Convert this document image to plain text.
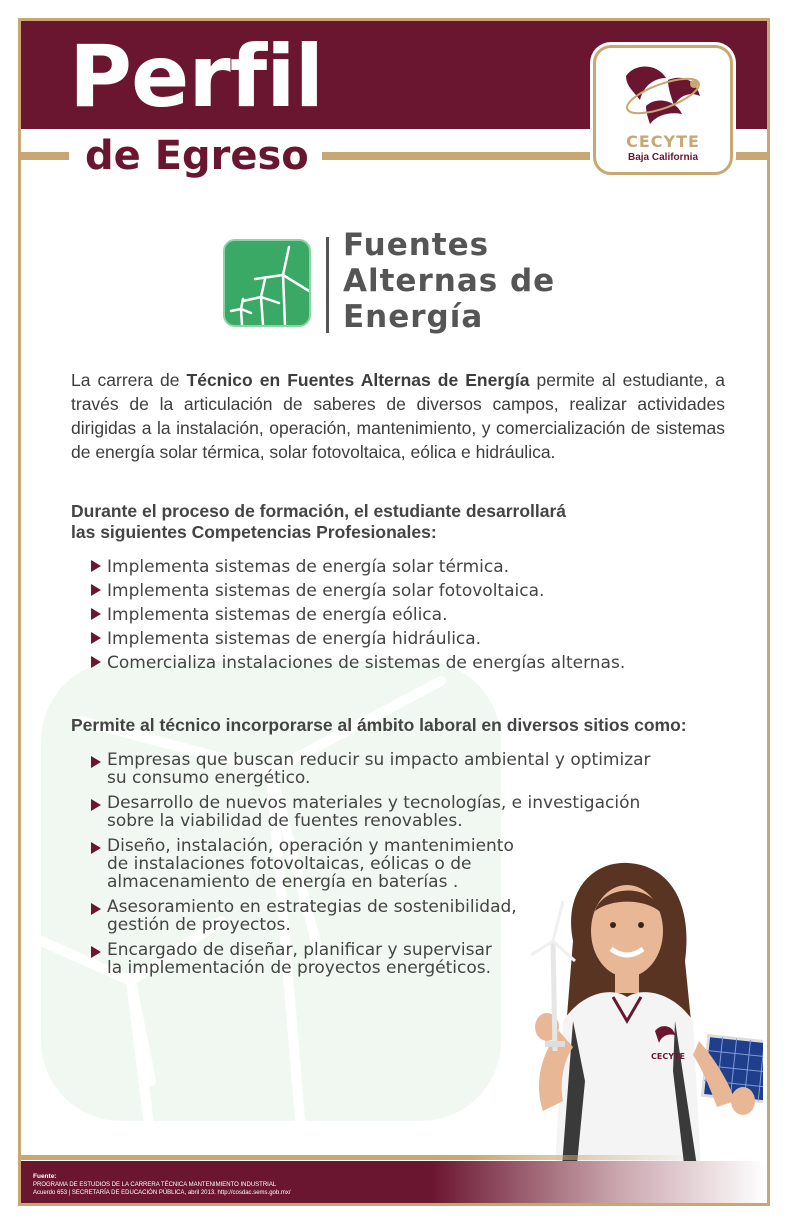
Perfil
de Egreso	CECYTE
Baja California
Fuentes
Alternas de
Energía
La carrera de Técnico en Fuentes Alternas de Energía permite al estudiante, a través de la articulación de saberes de diversos campos, realizar actividades dirigidas a la instalación, operación, mantenimiento, y comercialización de sistemas de energía solar térmica, solar fotovoltaica, eólica e hidráulica.
Durante el proceso de formación, el estudiante desarrollará
las siguientes Competencias Profesionales:
Implementa sistemas de energía solar térmica.
Implementa sistemas de energía solar fotovoltaica.
Implementa sistemas de energía eólica.
Implementa sistemas de energía hidráulica.
Comercializa instalaciones de sistemas de energías alternas.
Permite al técnico incorporarse al ámbito laboral en diversos sitios como:
Empresas que buscan reducir su impacto ambiental y optimizar
su consumo energético.
Desarrollo de nuevos materiales y tecnologías, e investigación
sobre la viabilidad de fuentes renovables.
Diseño, instalación, operación y mantenimiento
de instalaciones fotovoltaicas, eólicas o de
almacenamiento de energía en baterías .
Asesoramiento en estrategias de sostenibilidad,
gestión de proyectos.
Encargado de diseñar, planificar y supervisar
la implementación de proyectos energéticos.
CECYTE
Fuente:
PROGRAMA DE ESTUDIOS DE LA CARRERA TÉCNICA MANTENIMIENTO INDUSTRIAL
Acuerdo 653 | SECRETARÍA DE EDUCACIÓN PÚBLICA, abril 2013. http://cosdac.sems.gob.mx/
